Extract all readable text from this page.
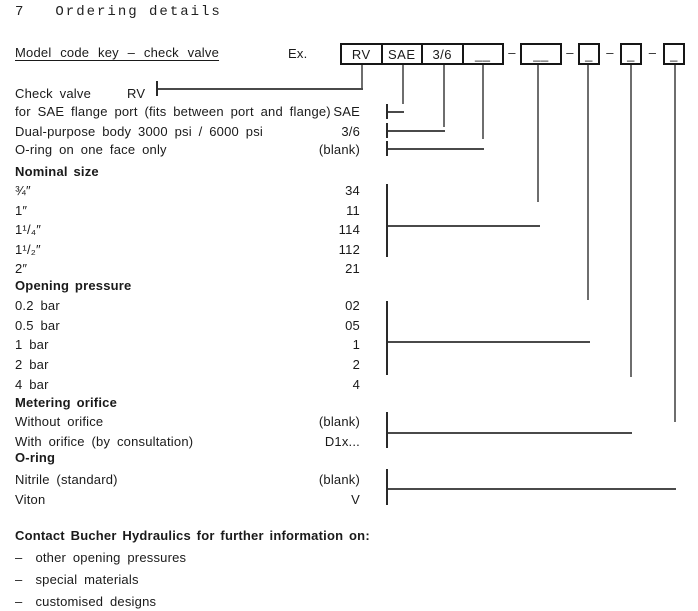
7 Ordering details
Model code key – check valve	Ex.	RV	SAE	3/6	__	–	–	–	–
__	_	_	_
Check valve	RV
for SAE flange port (fits between port and flange) SAE
Dual-purpose body 3000 psi / 6000 psi	3/6
O-ring on one face only	(blank)
Nominal size
¾″	34
1″	11
1¹/₄″	114
1¹/₂″	112
2″	21
Opening pressure
0.2 bar	02
0.5 bar	05
1 bar	1
2 bar	2
4 bar	4
Metering orifice
Without orifice	(blank)
With orifice (by consultation)	D1x...
O-ring
Nitrile (standard)	(blank)
Viton	V
Contact Bucher Hydraulics for further information on:
– other opening pressures
– special materials
– customised designs
